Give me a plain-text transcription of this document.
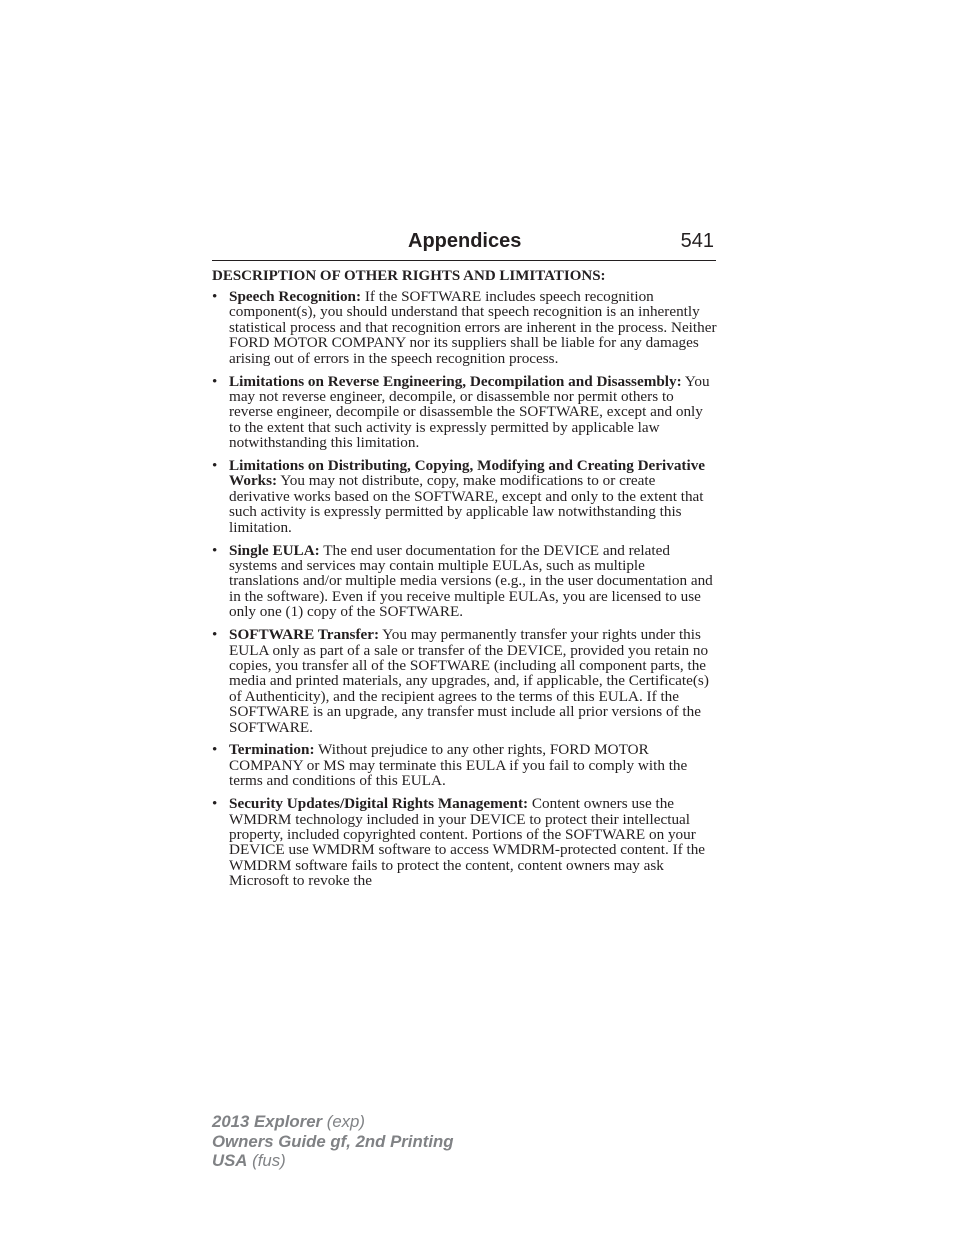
Appendices	541
DESCRIPTION OF OTHER RIGHTS AND LIMITATIONS:
• Speech Recognition: If the SOFTWARE includes speech recognition component(s), you should understand that speech recognition is an inherently statistical process and that recognition errors are inherent in the process. Neither FORD MOTOR COMPANY nor its suppliers shall be liable for any damages arising out of errors in the speech recognition process.
• Limitations on Reverse Engineering, Decompilation and Disassembly: You may not reverse engineer, decompile, or disassemble nor permit others to reverse engineer, decompile or disassemble the SOFTWARE, except and only to the extent that such activity is expressly permitted by applicable law notwithstanding this limitation.
• Limitations on Distributing, Copying, Modifying and Creating Derivative Works: You may not distribute, copy, make modifications to or create derivative works based on the SOFTWARE, except and only to the extent that such activity is expressly permitted by applicable law notwithstanding this limitation.
• Single EULA: The end user documentation for the DEVICE and related systems and services may contain multiple EULAs, such as multiple translations and/or multiple media versions (e.g., in the user documentation and in the software). Even if you receive multiple EULAs, you are licensed to use only one (1) copy of the SOFTWARE.
• SOFTWARE Transfer: You may permanently transfer your rights under this EULA only as part of a sale or transfer of the DEVICE, provided you retain no copies, you transfer all of the SOFTWARE (including all component parts, the media and printed materials, any upgrades, and, if applicable, the Certificate(s) of Authenticity), and the recipient agrees to the terms of this EULA. If the SOFTWARE is an upgrade, any transfer must include all prior versions of the SOFTWARE.
• Termination: Without prejudice to any other rights, FORD MOTOR COMPANY or MS may terminate this EULA if you fail to comply with the terms and conditions of this EULA.
• Security Updates/Digital Rights Management: Content owners use the WMDRM technology included in your DEVICE to protect their intellectual property, included copyrighted content. Portions of the SOFTWARE on your DEVICE use WMDRM software to access WMDRM-protected content. If the WMDRM software fails to protect the content, content owners may ask Microsoft to revoke the
2013 Explorer (exp)
Owners Guide gf, 2nd Printing
USA (fus)
